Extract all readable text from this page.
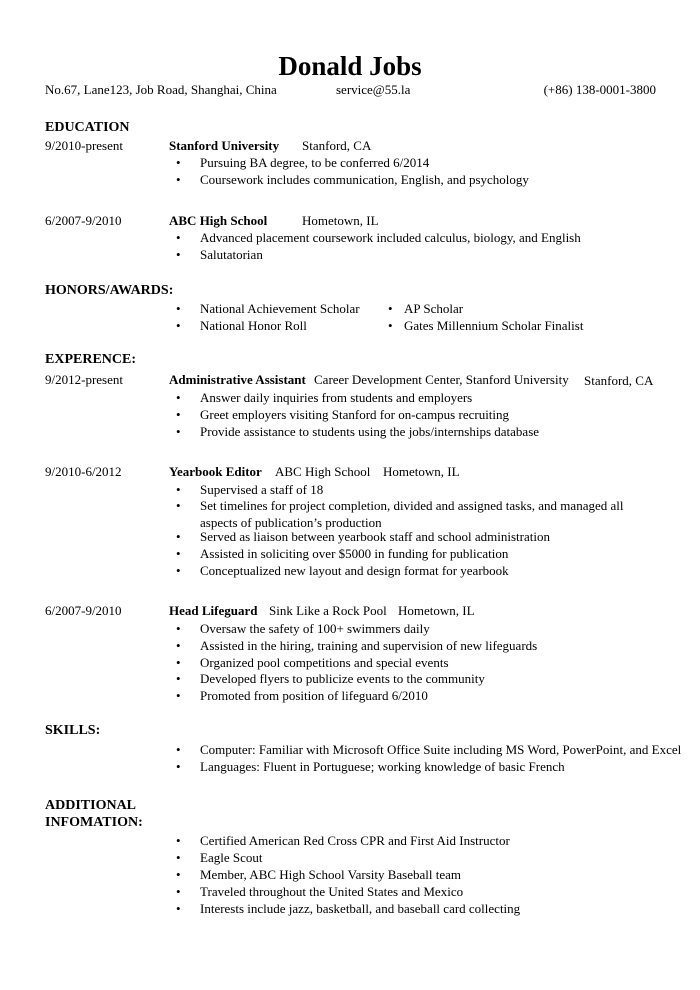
Donald Jobs
No.67, Lane123, Job Road, Shanghai, China	service@55.la	(+86) 138-0001-3800
EDUCATION
9/2010-present	Stanford University Stanford, CA
•	Pursuing BA degree, to be conferred 6/2014
•	Coursework includes communication, English, and psychology
6/2007-9/2010	ABC High School	Hometown, IL
•	Advanced placement coursework included calculus, biology, and English
•	Salutatorian
HONORS/AWARDS:
•	National Achievement Scholar • AP Scholar
•	National Honor Roll	• Gates Millennium Scholar Finalist
EXPERENCE:
9/2012-present	Administrative Assistant Career Development Center, Stanford University Stanford, CA
•	Answer daily inquiries from students and employers
•	Greet employers visiting Stanford for on-campus recruiting
•	Provide assistance to students using the jobs/internships database
9/2010-6/2012	Yearbook Editor ABC High School Hometown, IL
•	Supervised a staff of 18
•	Set timelines for project completion, divided and assigned tasks, and managed all aspects of publication’s production
•	Served as liaison between yearbook staff and school administration
•	Assisted in soliciting over $5000 in funding for publication
•	Conceptualized new layout and design format for yearbook
6/2007-9/2010	Head Lifeguard Sink Like a Rock Pool Hometown, IL
•	Oversaw the safety of 100+ swimmers daily
•	Assisted in the hiring, training and supervision of new lifeguards
•	Organized pool competitions and special events
•	Developed flyers to publicize events to the community
•	Promoted from position of lifeguard 6/2010
SKILLS:
•	Computer: Familiar with Microsoft Office Suite including MS Word, PowerPoint, and Excel
•	Languages: Fluent in Portuguese; working knowledge of basic French
ADDITIONAL
INFOMATION:
•	Certified American Red Cross CPR and First Aid Instructor
•	Eagle Scout
•	Member, ABC High School Varsity Baseball team
•	Traveled throughout the United States and Mexico
•	Interests include jazz, basketball, and baseball card collecting
